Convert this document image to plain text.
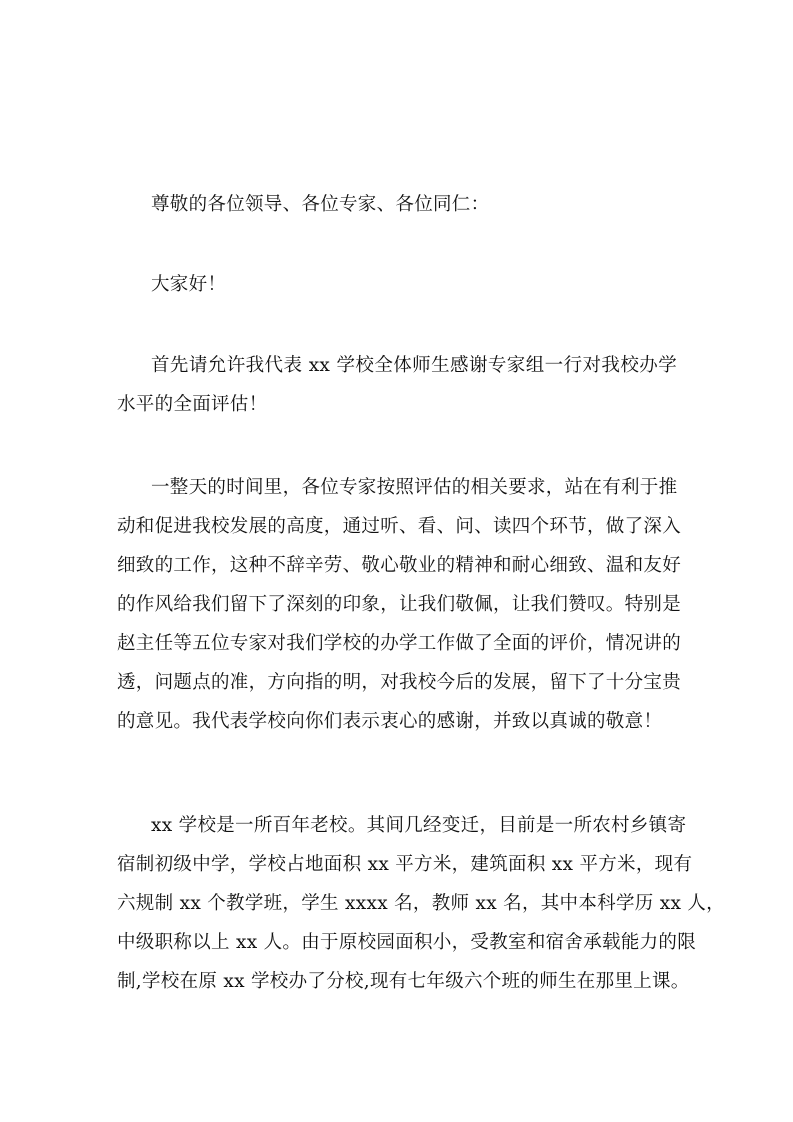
尊敬的各位领导、各位专家、各位同仁：
大家好！
首先请允许我代表 xx 学校全体师生感谢专家组一行对我校办学
水平的全面评估！
一整天的时间里，各位专家按照评估的相关要求，站在有利于推
动和促进我校发展的高度，通过听、看、问、读四个环节，做了深入
细致的工作，这种不辞辛劳、敬心敬业的精神和耐心细致、温和友好
的作风给我们留下了深刻的印象，让我们敬佩，让我们赞叹。特别是
赵主任等五位专家对我们学校的办学工作做了全面的评价，情况讲的
透，问题点的准，方向指的明，对我校今后的发展，留下了十分宝贵
的意见。我代表学校向你们表示衷心的感谢，并致以真诚的敬意！
xx 学校是一所百年老校。其间几经变迁，目前是一所农村乡镇寄
宿制初级中学，学校占地面积 xx 平方米，建筑面积 xx 平方米，现有
六规制 xx 个教学班，学生 xxxx 名，教师 xx 名，其中本科学历 xx 人，
中级职称以上 xx 人。由于原校园面积小，受教室和宿舍承载能力的限
制,学校在原 xx 学校办了分校,现有七年级六个班的师生在那里上课。
